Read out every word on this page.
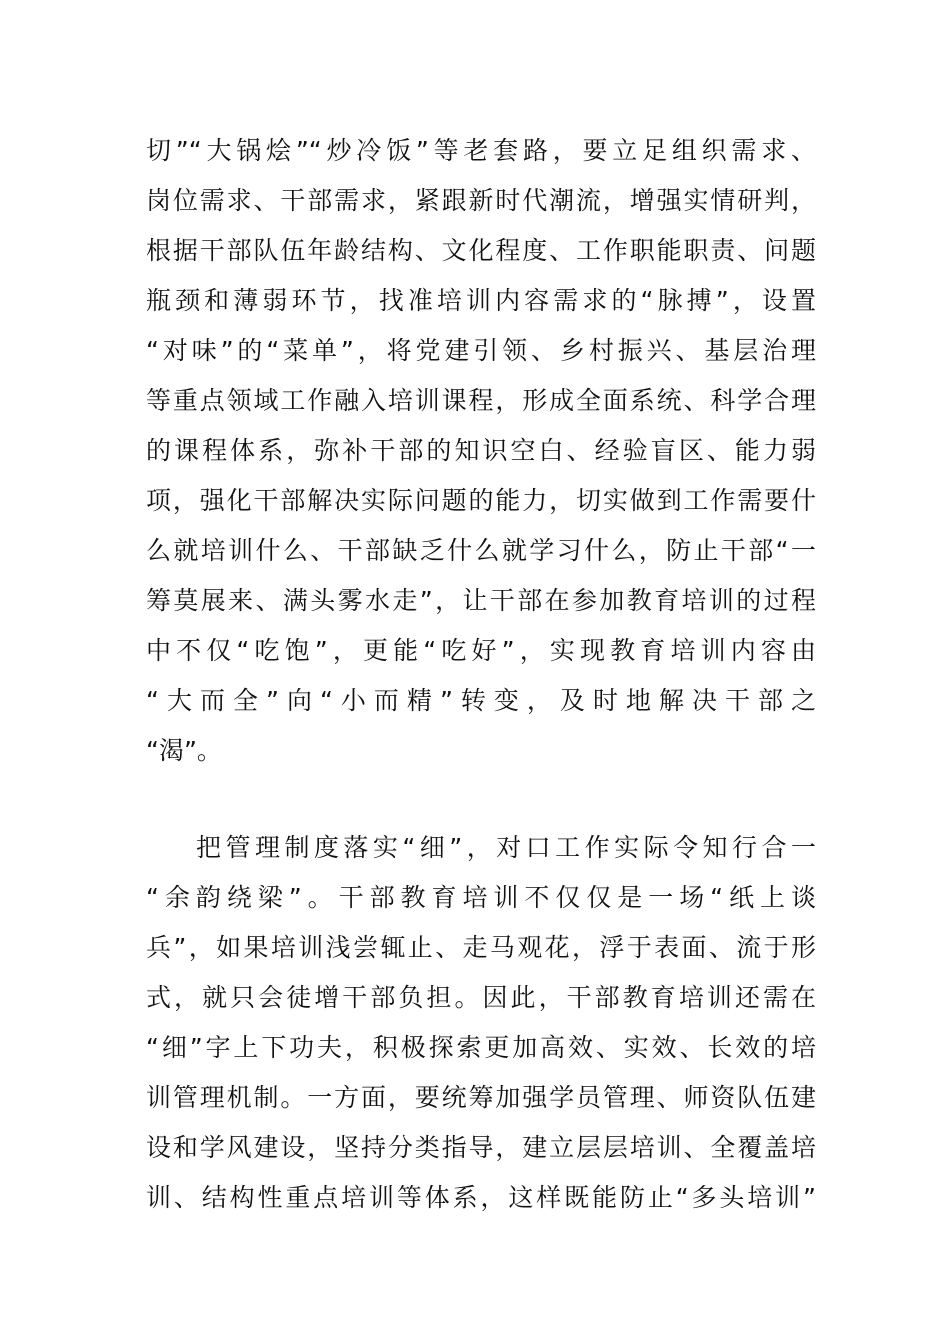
切”“大锅烩”“炒冷饭”等老套路，要立足组织需求、
岗位需求、干部需求，紧跟新时代潮流，增强实情研判，
根据干部队伍年龄结构、文化程度、工作职能职责、问题
瓶颈和薄弱环节，找准培训内容需求的“脉搏”，设置
“对味”的“菜单”，将党建引领、乡村振兴、基层治理
等重点领域工作融入培训课程，形成全面系统、科学合理
的课程体系，弥补干部的知识空白、经验盲区、能力弱
项，强化干部解决实际问题的能力，切实做到工作需要什
么就培训什么、干部缺乏什么就学习什么，防止干部“一
筹莫展来、满头雾水走”，让干部在参加教育培训的过程
中不仅“吃饱”，更能“吃好”，实现教育培训内容由
“大而全”向“小而精”转变，及时地解决干部之
“渴”。
把管理制度落实“细”，对口工作实际令知行合一
“余韵绕梁”。干部教育培训不仅仅是一场“纸上谈
兵”，如果培训浅尝辄止、走马观花，浮于表面、流于形
式，就只会徒增干部负担。因此，干部教育培训还需在
“细”字上下功夫，积极探索更加高效、实效、长效的培
训管理机制。一方面，要统筹加强学员管理、师资队伍建
设和学风建设，坚持分类指导，建立层层培训、全覆盖培
训、结构性重点培训等体系，这样既能防止“多头培训”
